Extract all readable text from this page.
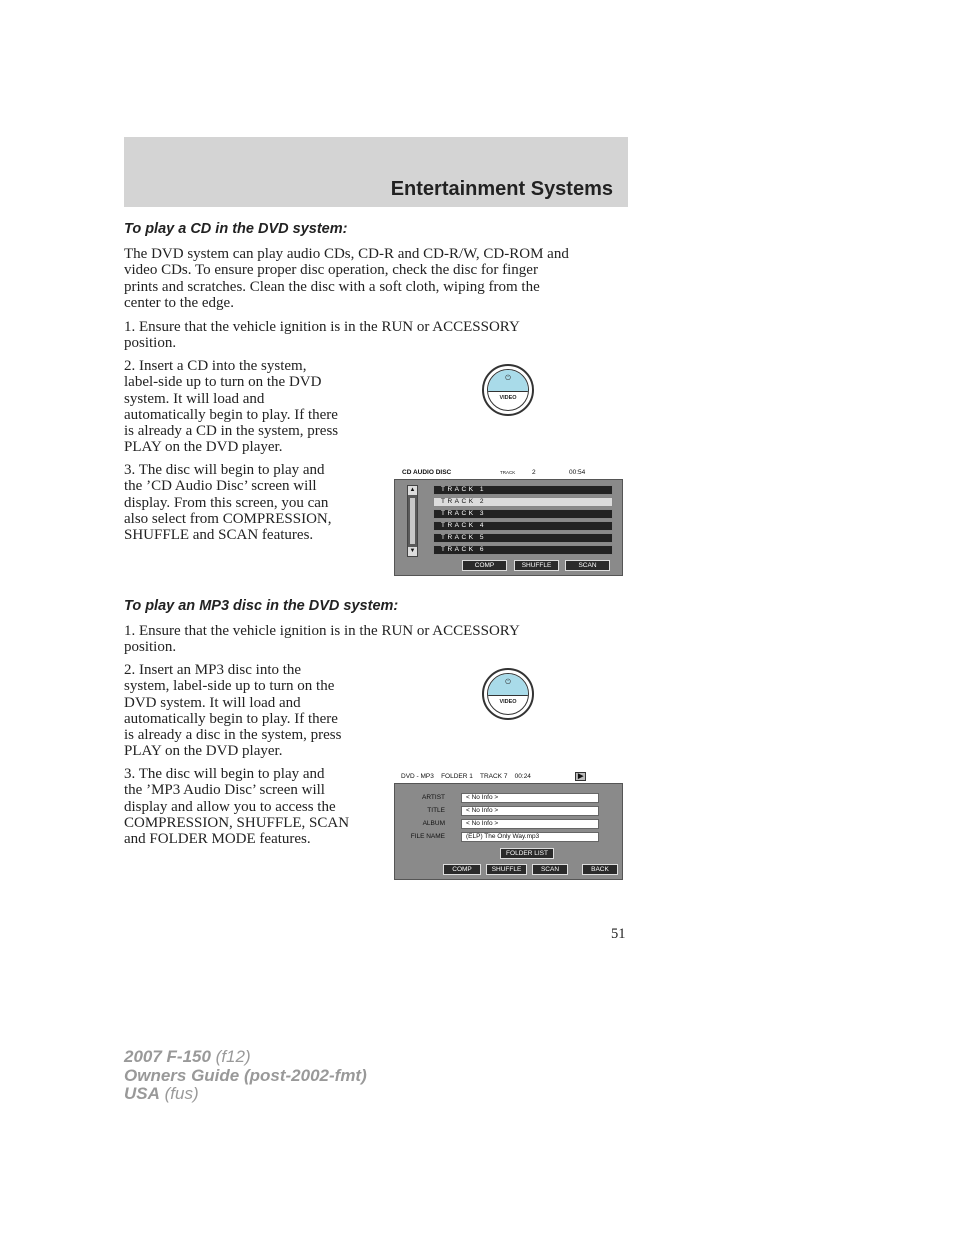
Entertainment Systems
To play a CD in the DVD system:
The DVD system can play audio CDs, CD-R and CD-R/W, CD-ROM and
video CDs. To ensure proper disc operation, check the disc for finger
prints and scratches. Clean the disc with a soft cloth, wiping from the
center to the edge.
1. Ensure that the vehicle ignition is in the RUN or ACCESSORY
position.
2. Insert a CD into the system,
label-side up to turn on the DVD
system. It will load and
automatically begin to play. If there
is already a CD in the system, press
PLAY on the DVD player.
3. The disc will begin to play and
the ’CD Audio Disc’ screen will
display. From this screen, you can
also select from COMPRESSION,
SHUFFLE and SCAN features.
⏻
VIDEO
CD AUDIO DISC	TRACK	2	00:54
▲
▼
TRACK 1
TRACK 2
TRACK 3
TRACK 4
TRACK 5
TRACK 6
COMP	SHUFFLE	SCAN
To play an MP3 disc in the DVD system:
1. Ensure that the vehicle ignition is in the RUN or ACCESSORY
position.
2. Insert an MP3 disc into the
system, label-side up to turn on the
DVD system. It will load and
automatically begin to play. If there
is already a disc in the system, press
PLAY on the DVD player.
3. The disc will begin to play and
the ’MP3 Audio Disc’ screen will
display and allow you to access the
COMPRESSION, SHUFFLE, SCAN
and FOLDER MODE features.
⏻
VIDEO
DVD - MP3    FOLDER 1    TRACK 7    00:24	▶
ARTIST	< No Info >
TITLE	< No Info >
ALBUM	< No Info >
FILE NAME	(ELP) The Only Way.mp3
FOLDER LIST
COMP	SHUFFLE	SCAN	BACK
51
2007 F-150 (f12)
Owners Guide (post-2002-fmt)
USA (fus)
